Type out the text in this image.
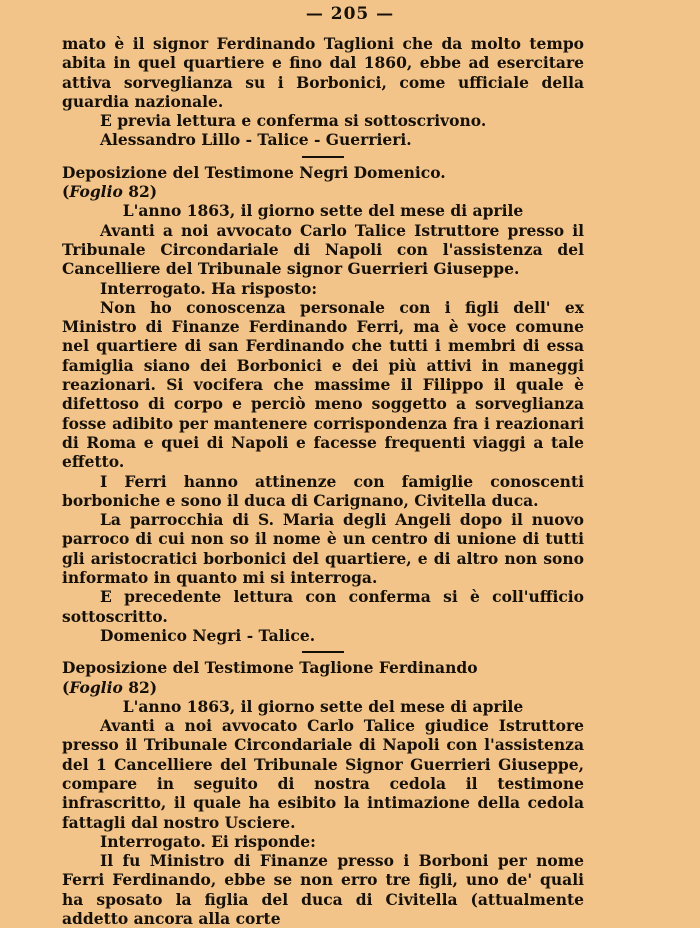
— 205 —

mato è il signor Ferdinando Taglioni che da molto tempo abita in quel quartiere e fino dal 1860, ebbe ad esercitare attiva sorveglianza su i Borbonici, come ufficiale della guardia nazionale.

E previa lettura e conferma si sottoscrivono.

Alessandro Lillo - Talice - Guerrieri.

Deposizione del Testimone Negri Domenico.

(Foglio 82)

L'anno 1863, il giorno sette del mese di aprile

Avanti a noi avvocato Carlo Talice Istruttore presso il Tribunale Circondariale di Napoli con l'assistenza del Cancelliere del Tribunale signor Guerrieri Giuseppe.

Interrogato. Ha risposto:

Non ho conoscenza personale con i figli dell' ex Ministro di Finanze Ferdinando Ferri, ma è voce comune nel quartiere di san Ferdinando che tutti i membri di essa famiglia siano dei Borbonici e dei più attivi in maneggi reazionari. Si vocifera che massime il Filippo il quale è difettoso di corpo e perciò meno soggetto a sorveglianza fosse adibito per mantenere corrispondenza fra i reazionari di Roma e quei di Napoli e facesse frequenti viaggi a tale effetto.

I Ferri hanno attinenze con famiglie conoscenti borboniche e sono il duca di Carignano, Civitella duca.

La parrocchia di S. Maria degli Angeli dopo il nuovo parroco di cui non so il nome è un centro di unione di tutti gli aristocratici borbonici del quartiere, e di altro non sono informato in quanto mi si interroga.

E precedente lettura con conferma si è coll'ufficio sottoscritto.

Domenico Negri - Talice.

Deposizione del Testimone Taglione Ferdinando

(Foglio 82)

L'anno 1863, il giorno sette del mese di aprile

Avanti a noi avvocato Carlo Talice giudice Istruttore presso il Tribunale Circondariale di Napoli con l'assistenza del 1 Cancelliere del Tribunale Signor Guerrieri Giuseppe, compare in seguito di nostra cedola il testimone infrascritto, il quale ha esibito la intimazione della cedola fattagli dal nostro Usciere.

Interrogato. Ei risponde:

Il fu Ministro di Finanze presso i Borboni per nome Ferri Ferdinando, ebbe se non erro tre figli, uno de' quali ha sposato la figlia del duca di Civitella (attualmente addetto ancora alla corte
